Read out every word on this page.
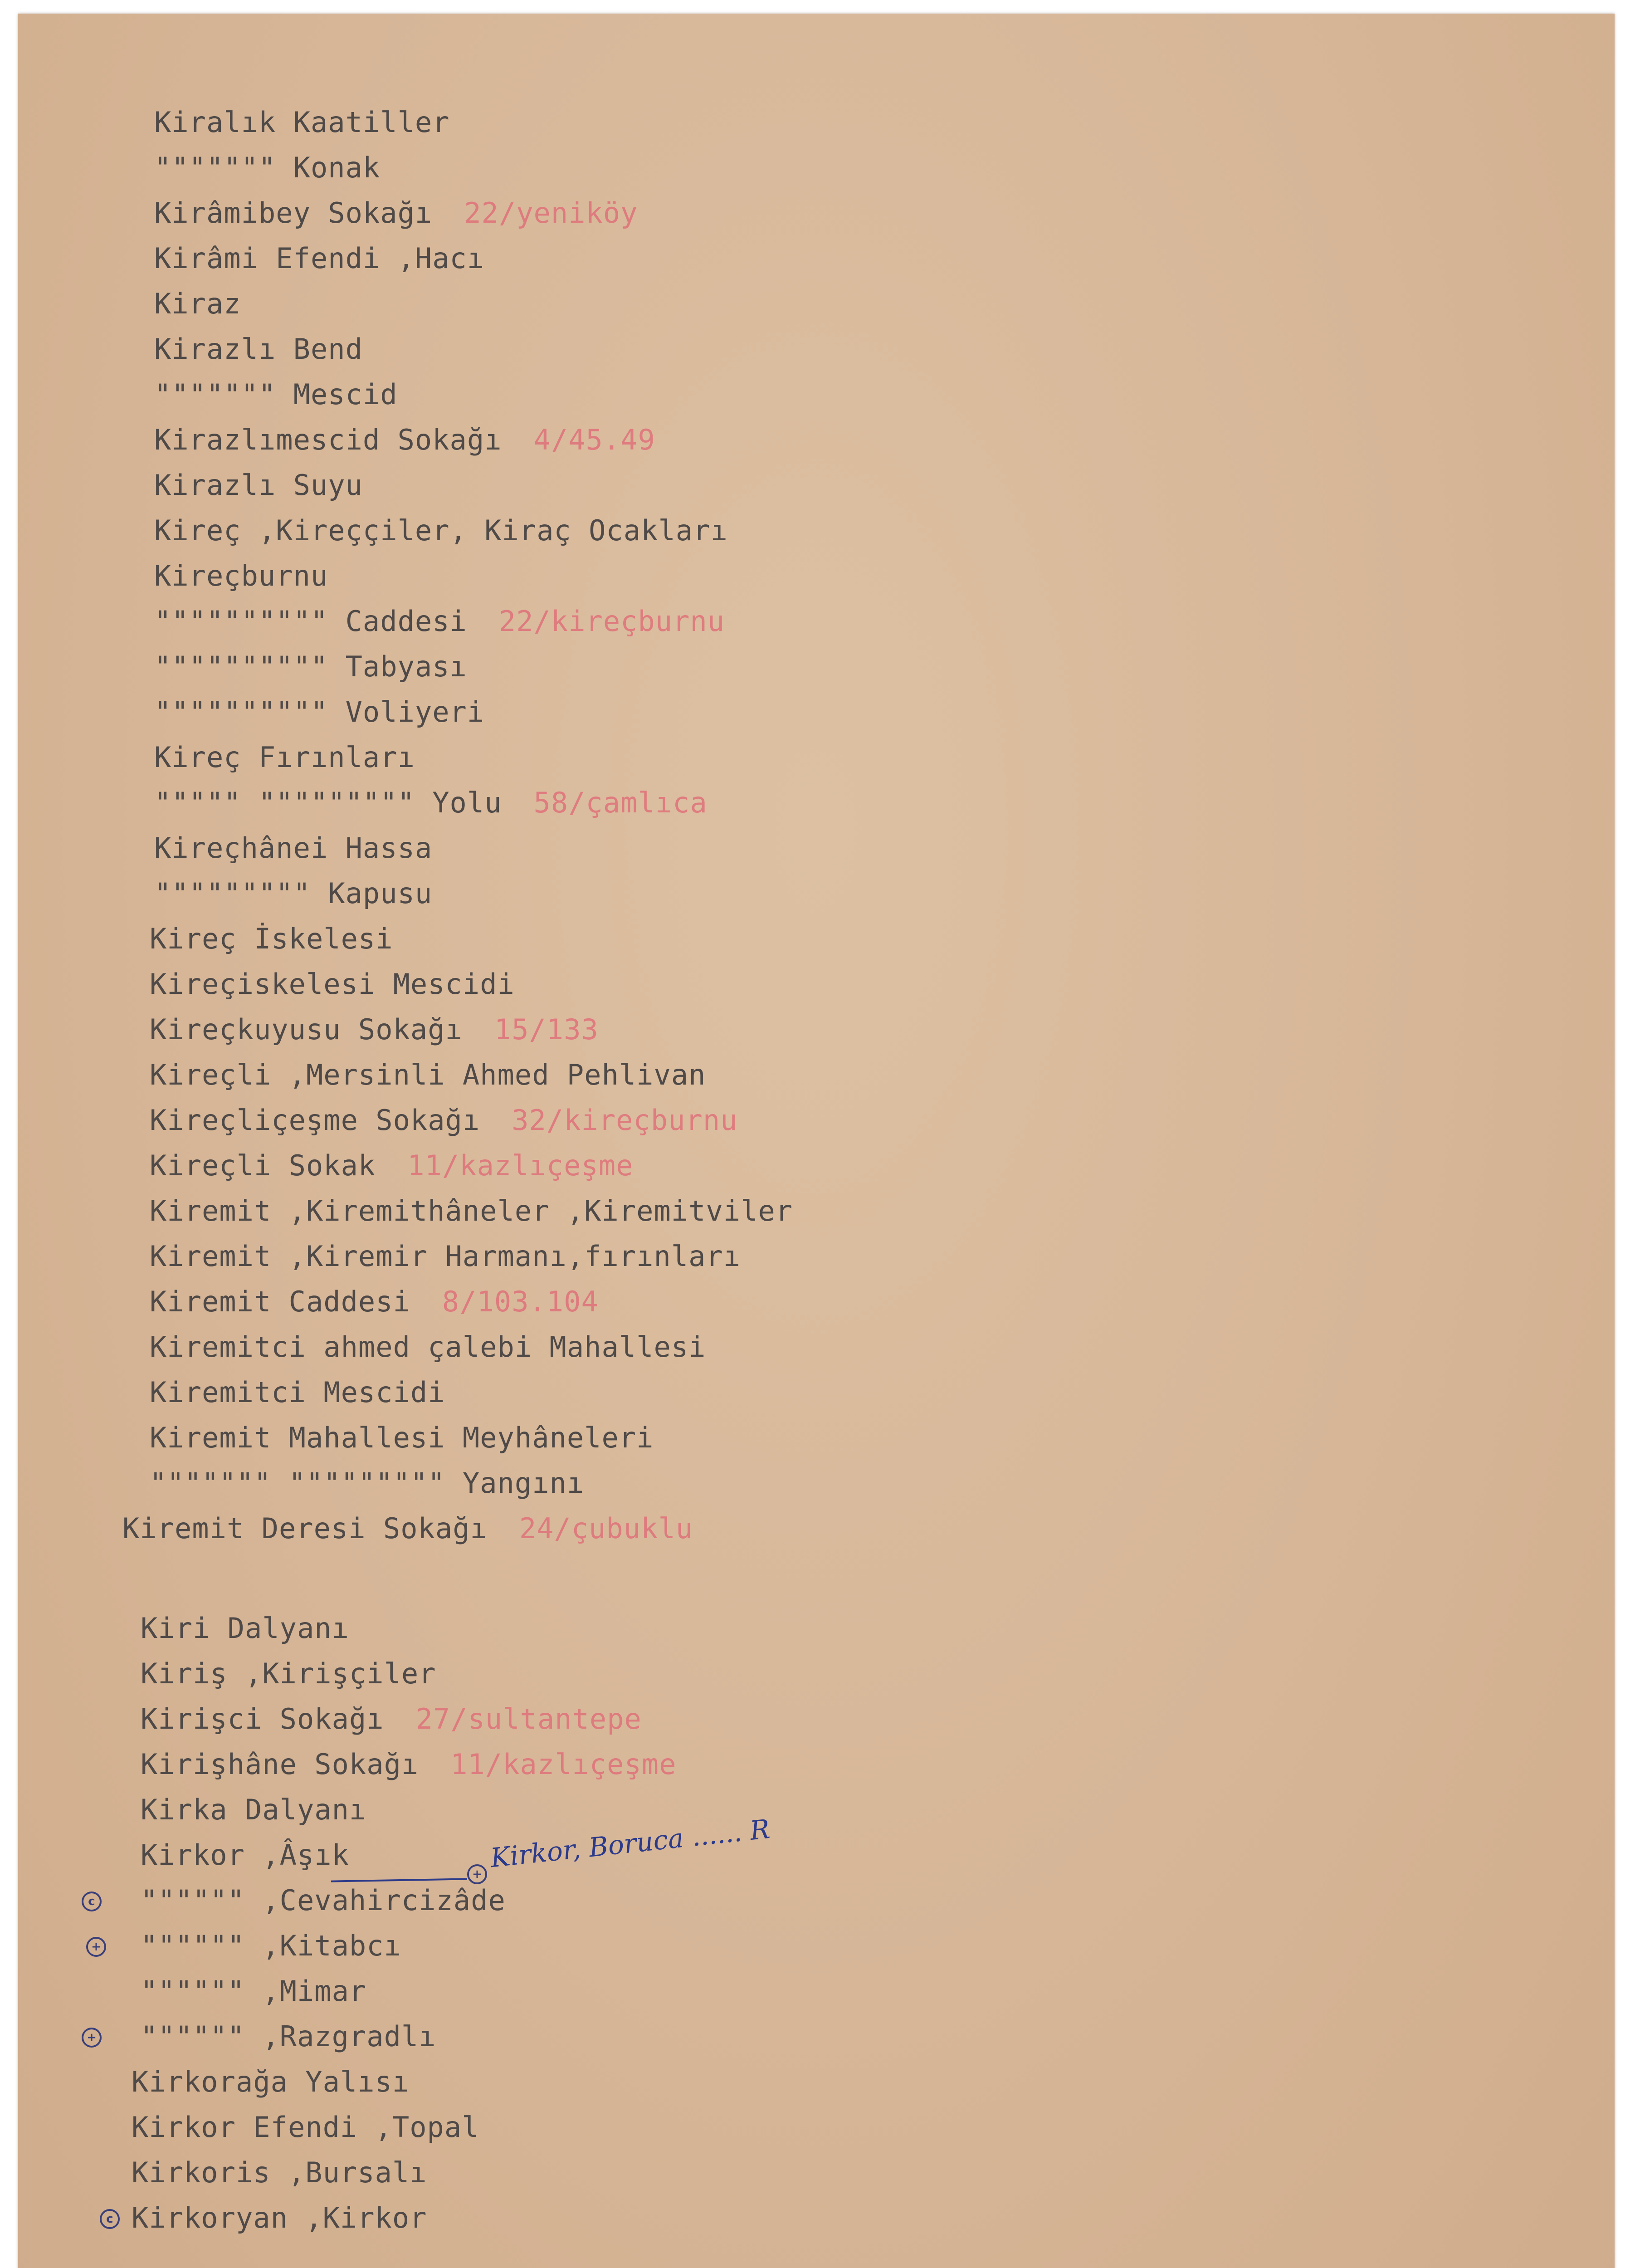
Kiralık Kaatiller
""""""" Konak
Kirâmibey Sokağı 22/yeniköy
Kirâmi Efendi ,Hacı
Kiraz
Kirazlı Bend
""""""" Mescid
Kirazlımescid Sokağı 4/45.49
Kirazlı Suyu
Kireç ,Kireççiler, Kiraç Ocakları
Kireçburnu
"""""""""" Caddesi 22/kireçburnu
"""""""""" Tabyası
"""""""""" Voliyeri
Kireç Fırınları
""""" """"""""" Yolu 58/çamlıca
Kireçhânei Hassa
""""""""" Kapusu
Kireç İskelesi
Kireçiskelesi Mescidi
Kireçkuyusu Sokağı 15/133
Kireçli ,Mersinli Ahmed Pehlivan
Kireçliçeşme Sokağı 32/kireçburnu
Kireçli Sokak 11/kazlıçeşme
Kiremit ,Kiremithâneler ,Kiremitviler
Kiremit ,Kiremir Harmanı,fırınları
Kiremit Caddesi 8/103.104
Kiremitci ahmed çalebi Mahallesi
Kiremitci Mescidi
Kiremit Mahallesi Meyhâneleri
""""""" """"""""" Yangını
Kiremit Deresi Sokağı 24/çubuklu
Kiri Dalyanı
Kiriş ,Kirişçiler
Kirişci Sokağı 27/sultantepe
Kirişhâne Sokağı 11/kazlıçeşme
Kirka Dalyanı
Kirkor ,Âşık
"""""" ,Cevahircizâde
"""""" ,Kitabcı
"""""" ,Mimar
"""""" ,Razgradlı
Kirkorağa Yalısı
Kirkor Efendi ,Topal
Kirkoris ,Bursalı
Kirkoryan ,Kirkor
+
Kirkor, Boruca ...... R
c
+
+
c
